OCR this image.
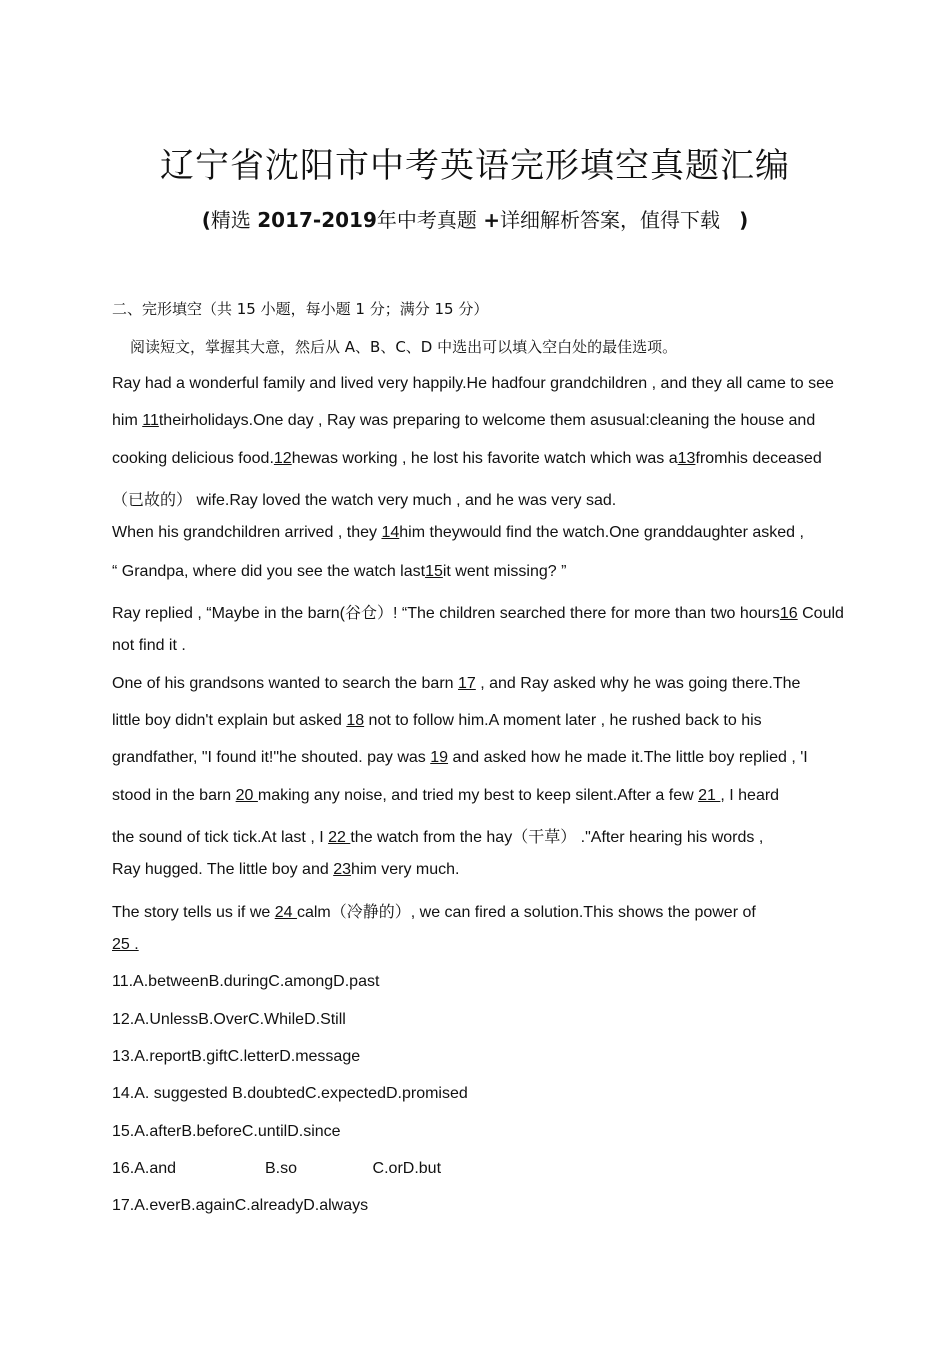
辽宁省沈阳市中考英语完形填空真题汇编
(精选 2017-2019年中考真题 +详细解析答案，值得下载 )
二、完形填空（共 15 小题，每小题 1 分；满分 15 分）
阅读短文，掌握其大意，然后从 A、B、C、D 中选出可以填入空白处的最佳选项。
Ray had a wonderful family and lived very happily.He hadfour grandchildren , and they all came to see
him 11theirholidays.One day , Ray was preparing to welcome them asusual:cleaning the house and
cooking delicious food.12hewas working , he lost his favorite watch which was a13fromhis deceased
（已故的） wife.Ray loved the watch very much , and he was very sad.
When his grandchildren arrived , they 14him theywould find the watch.One granddaughter asked ,
“ Grandpa, where did you see the watch last15it went missing? ”
Ray replied , “Maybe in the barn(谷仓）! “The children searched there for more than two hours16 Could
not find it .
One of his grandsons wanted to search the barn 17 , and Ray asked why he was going there.The
little boy didn't explain but asked 18 not to follow him.A moment later , he rushed back to his
grandfather, "I found it!"he shouted. pay was 19 and asked how he made it.The little boy replied , 'I
stood in the barn 20 making any noise, and tried my best to keep silent.After a few 21 , I heard
the sound of tick tick.At last , I 22 the watch from the hay（干草） ."After hearing his words ,
Ray hugged. The little boy and 23him very much.
The story tells us if we 24 calm（冷静的）, we can fired a solution.This shows the power of
25 .
11.A.betweenB.duringC.amongD.past
12.A.UnlessB.OverC.WhileD.Still
13.A.reportB.giftC.letterD.message
14.A. suggested B.doubtedC.expectedD.promised
15.A.afterB.beforeC.untilD.since
16.A.and                    B.so                 C.orD.but
17.A.everB.againC.alreadyD.always
